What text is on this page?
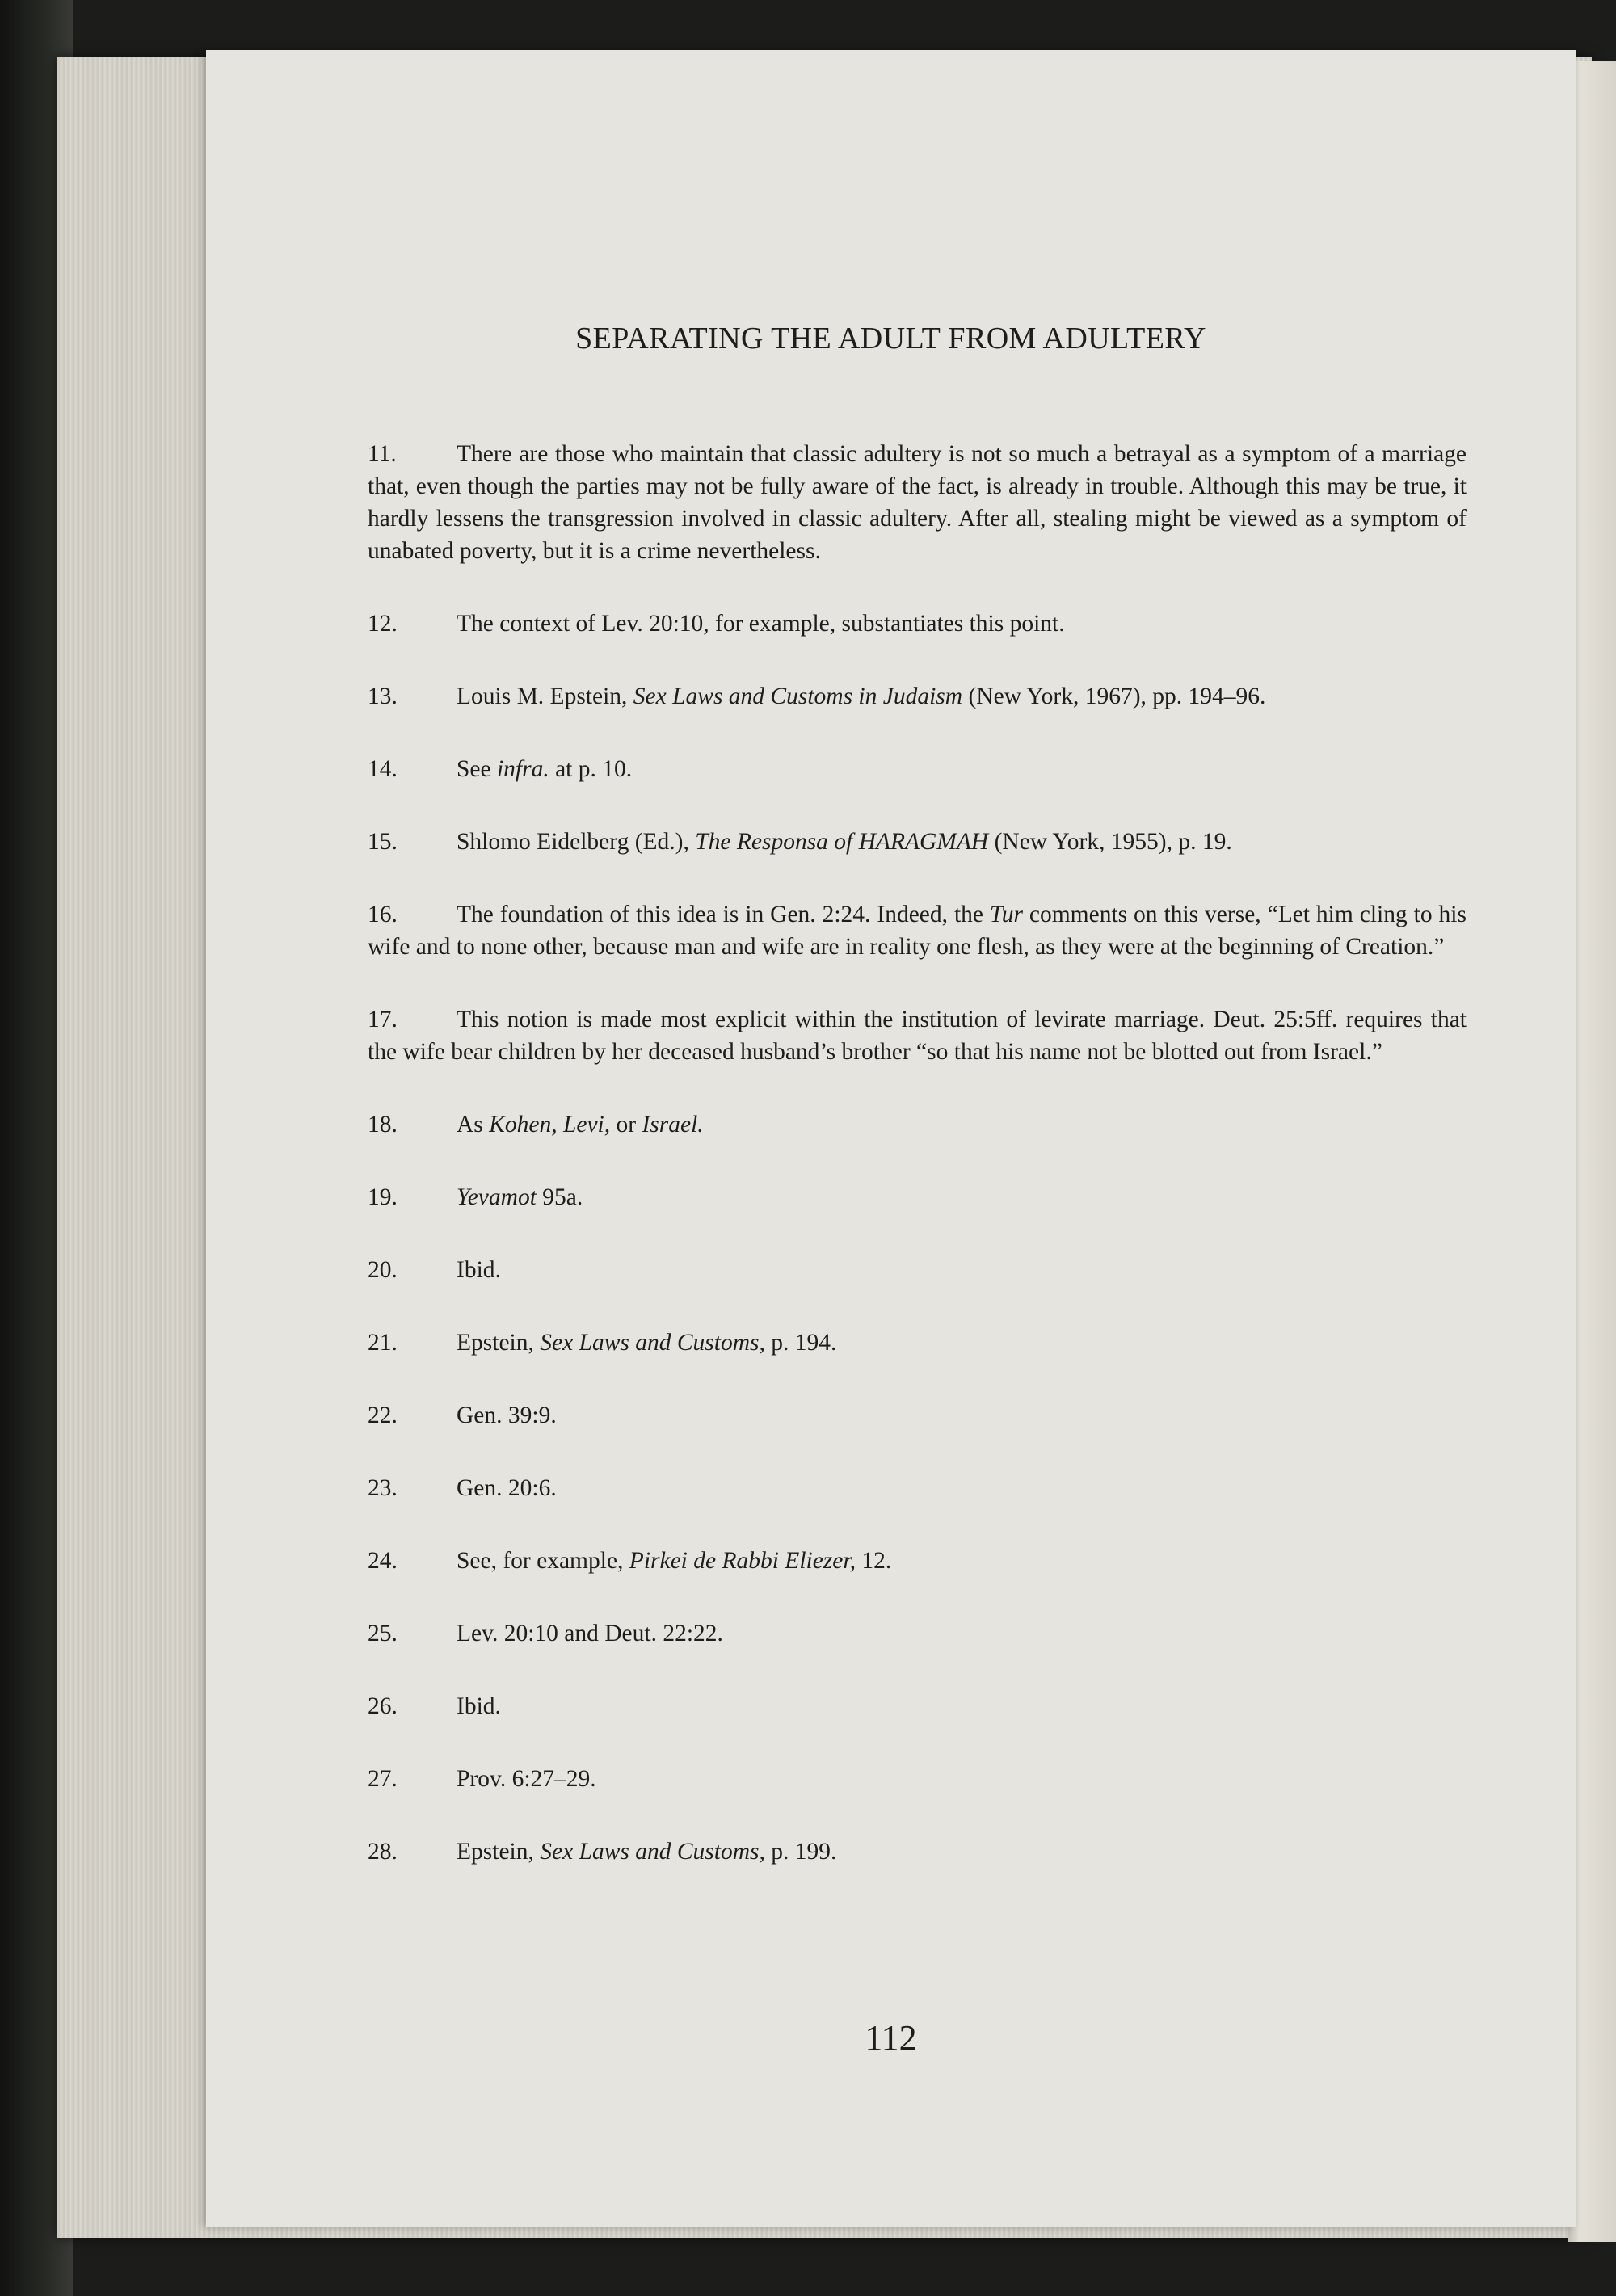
SEPARATING THE ADULT FROM ADULTERY
11.	There are those who maintain that classic adultery is not so much a betrayal as a symptom of a marriage that, even though the parties may not be fully aware of the fact, is already in trouble. Although this may be true, it hardly lessens the transgression involved in classic adultery. After all, stealing might be viewed as a symptom of unabated poverty, but it is a crime nevertheless.
12. The context of Lev. 20:10, for example, substantiates this point.
13. Louis M. Epstein, Sex Laws and Customs in Judaism (New York, 1967), pp. 194–96.
14. See infra. at p. 10.
15. Shlomo Eidelberg (Ed.), The Responsa of HARAGMAH (New York, 1955), p. 19.
16. The foundation of this idea is in Gen. 2:24. Indeed, the Tur comments on this verse, “Let him cling to his wife and to none other, because man and wife are in reality one flesh, as they were at the beginning of Creation.”
17. This notion is made most explicit within the institution of levirate marriage. Deut. 25:5ff. requires that the wife bear children by her deceased husband’s brother “so that his name not be blotted out from Israel.”
18. As Kohen, Levi, or Israel.
19. Yevamot 95a.
20. Ibid.
21. Epstein, Sex Laws and Customs, p. 194.
22. Gen. 39:9.
23. Gen. 20:6.
24. See, for example, Pirkei de Rabbi Eliezer, 12.
25. Lev. 20:10 and Deut. 22:22.
26. Ibid.
27. Prov. 6:27–29.
28. Epstein, Sex Laws and Customs, p. 199.
112
